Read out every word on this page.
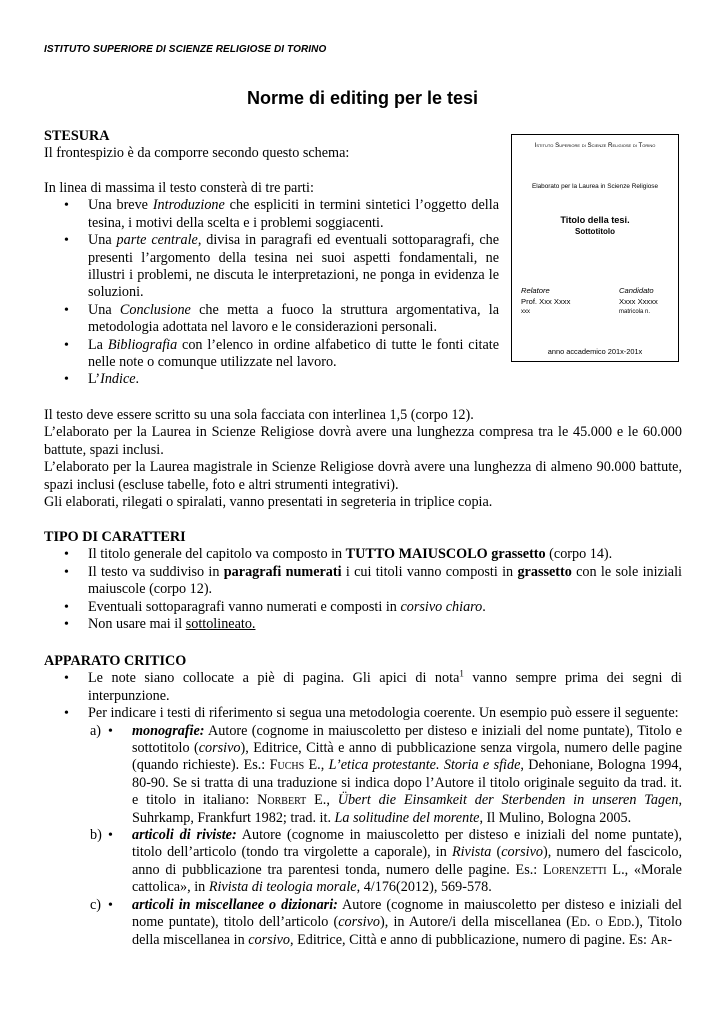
ISTITUTO SUPERIORE DI SCIENZE RELIGIOSE DI TORINO
Norme di editing per le tesi
STESURA
Il frontespizio è da comporre secondo questo schema:
In linea di massima il testo consterà di tre parti:
• Una breve Introduzione che espliciti in termini sintetici l’oggetto della tesina, i motivi della scelta e i problemi soggiacenti.
• Una parte centrale, divisa in paragrafi ed eventuali sottoparagrafi, che presenti l’argomento della tesina nei suoi aspetti fondamentali, ne illustri i problemi, ne discuta le interpretazioni, ne ponga in evidenza le soluzioni.
• Una Conclusione che metta a fuoco la struttura argomentativa, la metodologia adottata nel lavoro e le considerazioni personali.
• La Bibliografia con l’elenco in ordine alfabetico di tutte le fonti citate nelle note o comunque utilizzate nel lavoro.
• L’Indice.
Istituto Superiore di Scienze Religiose di Torino
Elaborato per la Laurea in Scienze Religiose
Titolo della tesi.
Sottotitolo
Relatore
Prof. Xxx Xxxx
xxx
Candidato
Xxxx Xxxxx
matricola n.
anno accademico 201x-201x
Il testo deve essere scritto su una sola facciata con interlinea 1,5 (corpo 12).
L’elaborato per la Laurea in Scienze Religiose dovrà avere una lunghezza compresa tra le 45.000 e le 60.000 battute, spazi inclusi.
L’elaborato per la Laurea magistrale in Scienze Religiose dovrà avere una lunghezza di almeno 90.000 battute, spazi inclusi (escluse tabelle, foto e altri strumenti integrativi).
Gli elaborati, rilegati o spiralati, vanno presentati in segreteria in triplice copia.
TIPO DI CARATTERI
• Il titolo generale del capitolo va composto in TUTTO MAIUSCOLO grassetto (corpo 14).
• Il testo va suddiviso in paragrafi numerati i cui titoli vanno composti in grassetto con le sole iniziali maiuscole (corpo 12).
• Eventuali sottoparagrafi vanno numerati e composti in corsivo chiaro.
• Non usare mai il sottolineato.
APPARATO CRITICO
• Le note siano collocate a piè di pagina. Gli apici di nota$^1$ vanno sempre prima dei segni di interpunzione.
• Per indicare i testi di riferimento si segua una metodologia coerente. Un esempio può essere il seguente:
• a)	monografie: Autore (cognome in maiuscoletto per disteso e iniziali del nome puntate), Titolo e sottotitolo (corsivo), Editrice, Città e anno di pubblicazione senza virgola, numero delle pagine (quando richieste). Es.: Fuchs E., L’etica protestante. Storia e sfide, Dehoniane, Bologna 1994, 80-90. Se si tratta di una traduzione si indica dopo l’Autore il titolo originale seguito da trad. it. e titolo in italiano: Norbert E., Übert die Einsamkeit der Sterbenden in unseren Tagen, Suhrkamp, Frankfurt 1982; trad. it. La solitudine del morente, Il Mulino, Bologna 2005.
• b)	articoli di riviste: Autore (cognome in maiuscoletto per disteso e iniziali del nome puntate), titolo dell’articolo (tondo tra virgolette a caporale), in Rivista (corsivo), numero del fascicolo, anno di pubblicazione tra parentesi tonda, numero delle pagine. Es.: Lorenzetti L., «Morale cattolica», in Rivista di teologia morale, 4/176(2012), 569-578.
• c)	articoli in miscellanee o dizionari: Autore (cognome in maiuscoletto per disteso e iniziali del nome puntate), titolo dell’articolo (corsivo), in Autore/i della miscellanea (Ed. o Edd.), Titolo della miscellanea in corsivo, Editrice, Città e anno di pubblicazione, numero di pagine. Es: Ar-
